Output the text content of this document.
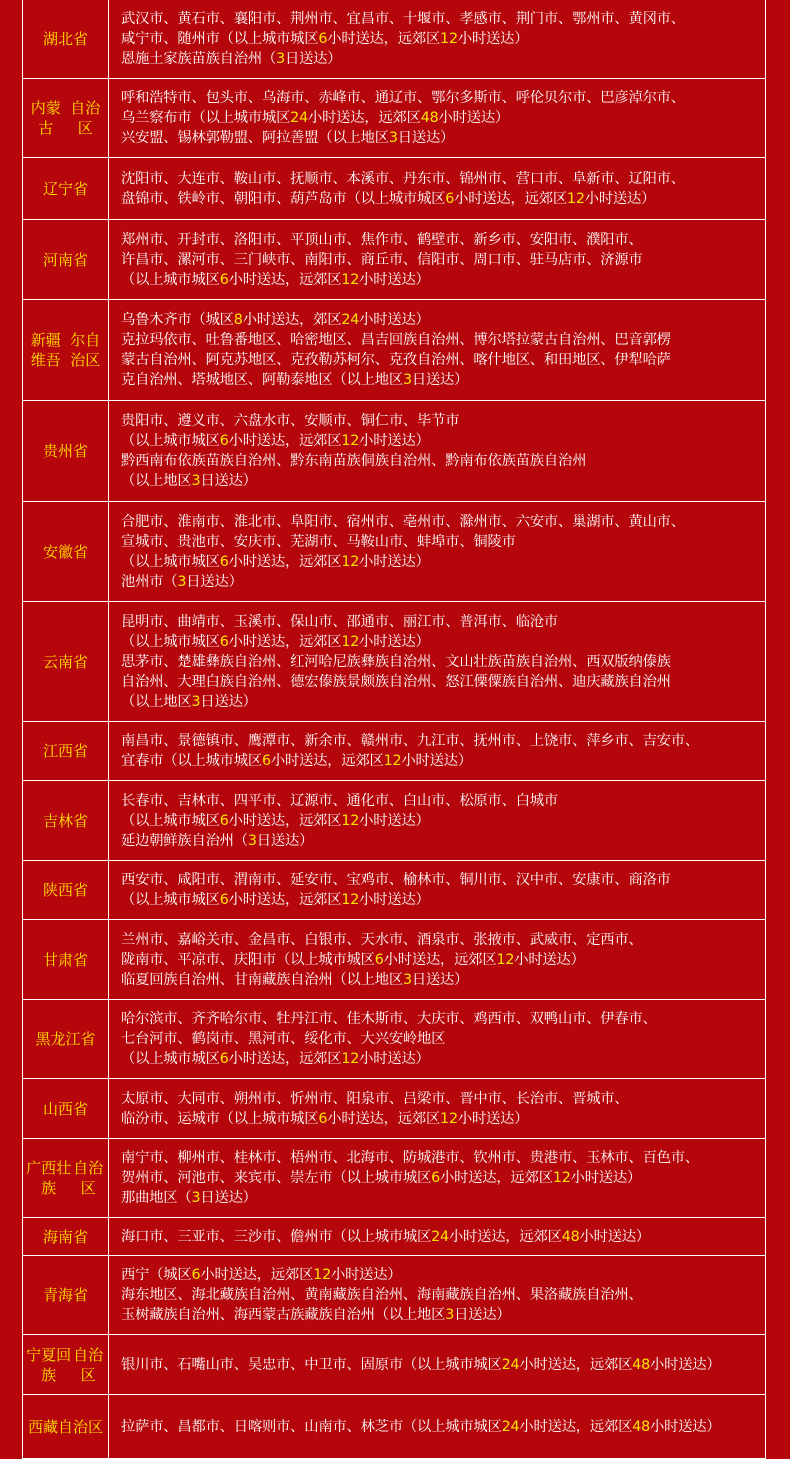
湖北省
武汉市、黄石市、襄阳市、荆州市、宜昌市、十堰市、孝感市、荆门市、鄂州市、黄冈市、
咸宁市、随州市（以上城市城区6小时送达，远郊区12小时送达）
恩施土家族苗族自治州（3日送达）
内蒙古

自治区
呼和浩特市、包头市、乌海市、赤峰市、通辽市、鄂尔多斯市、呼伦贝尔市、巴彦淖尔市、
乌兰察布市（以上城市城区24小时送达，远郊区48小时送达）
兴安盟、锡林郭勒盟、阿拉善盟（以上地区3日送达）
辽宁省
沈阳市、大连市、鞍山市、抚顺市、本溪市、丹东市、锦州市、营口市、阜新市、辽阳市、
盘锦市、铁岭市、朝阳市、葫芦岛市（以上城市城区6小时送达，远郊区12小时送达）
河南省
郑州市、开封市、洛阳市、平顶山市、焦作市、鹤壁市、新乡市、安阳市、濮阳市、
许昌市、漯河市、三门峡市、南阳市、商丘市、信阳市、周口市、驻马店市、济源市
（以上城市城区6小时送达，远郊区12小时送达）
新疆维吾

尔自治区
乌鲁木齐市（城区8小时送达，郊区24小时送达）
克拉玛依市、吐鲁番地区、哈密地区、昌吉回族自治州、博尔塔拉蒙古自治州、巴音郭楞
蒙古自治州、阿克苏地区、克孜勒苏柯尔、克孜自治州、喀什地区、和田地区、伊犁哈萨
克自治州、塔城地区、阿勒泰地区（以上地区3日送达）
贵州省
贵阳市、遵义市、六盘水市、安顺市、铜仁市、毕节市
（以上城市城区6小时送达，远郊区12小时送达）
黔西南布依族苗族自治州、黔东南苗族侗族自治州、黔南布依族苗族自治州
（以上地区3日送达）
安徽省
合肥市、淮南市、淮北市、阜阳市、宿州市、亳州市、滁州市、六安市、巢湖市、黄山市、
宣城市、贵池市、安庆市、芜湖市、马鞍山市、蚌埠市、铜陵市
（以上城市城区6小时送达，远郊区12小时送达）
池州市（3日送达）
云南省
昆明市、曲靖市、玉溪市、保山市、邵通市、丽江市、普洱市、临沧市
（以上城市城区6小时送达，远郊区12小时送达）
思茅市、楚雄彝族自治州、红河哈尼族彝族自治州、文山壮族苗族自治州、西双版纳傣族
自治州、大理白族自治州、德宏傣族景颇族自治州、怒江傈僳族自治州、迪庆藏族自治州
（以上地区3日送达）
江西省
南昌市、景德镇市、鹰潭市、新余市、赣州市、九江市、抚州市、上饶市、萍乡市、吉安市、
宜春市（以上城市城区6小时送达，远郊区12小时送达）
吉林省
长春市、吉林市、四平市、辽源市、通化市、白山市、松原市、白城市
（以上城市城区6小时送达，远郊区12小时送达）
延边朝鲜族自治州（3日送达）
陕西省
西安市、咸阳市、渭南市、延安市、宝鸡市、榆林市、铜川市、汉中市、安康市、商洛市
（以上城市城区6小时送达，远郊区12小时送达）
甘肃省
兰州市、嘉峪关市、金昌市、白银市、天水市、酒泉市、张掖市、武威市、定西市、
陇南市、平凉市、庆阳市（以上城市城区6小时送达，远郊区12小时送达）
临夏回族自治州、甘南藏族自治州（以上地区3日送达）
黑龙江省
哈尔滨市、齐齐哈尔市、牡丹江市、佳木斯市、大庆市、鸡西市、双鸭山市、伊春市、
七台河市、鹤岗市、黑河市、绥化市、大兴安岭地区
（以上城市城区6小时送达，远郊区12小时送达）
山西省
太原市、大同市、朔州市、忻州市、阳泉市、吕梁市、晋中市、长治市、晋城市、
临汾市、运城市（以上城市城区6小时送达，远郊区12小时送达）
广西壮族

自治区
南宁市、柳州市、桂林市、梧州市、北海市、防城港市、钦州市、贵港市、玉林市、百色市、
贺州市、河池市、来宾市、崇左市（以上城市城区6小时送达，远郊区12小时送达）
那曲地区（3日送达）
海南省 海口市、三亚市、三沙市、儋州市（以上城市城区24小时送达，远郊区48小时送达）
青海省
西宁（城区6小时送达，远郊区12小时送达）
海东地区、海北藏族自治州、黄南藏族自治州、海南藏族自治州、果洛藏族自治州、
玉树藏族自治州、海西蒙古族藏族自治州（以上地区3日送达）
宁夏回族

自治区
银川市、石嘴山市、吴忠市、中卫市、固原市（以上城市城区24小时送达，远郊区48小时送达）
西藏 自治区 拉萨市、昌都市、日喀则市、山南市、林芝市（以上城市城区24小时送达，远郊区48小时送达）
